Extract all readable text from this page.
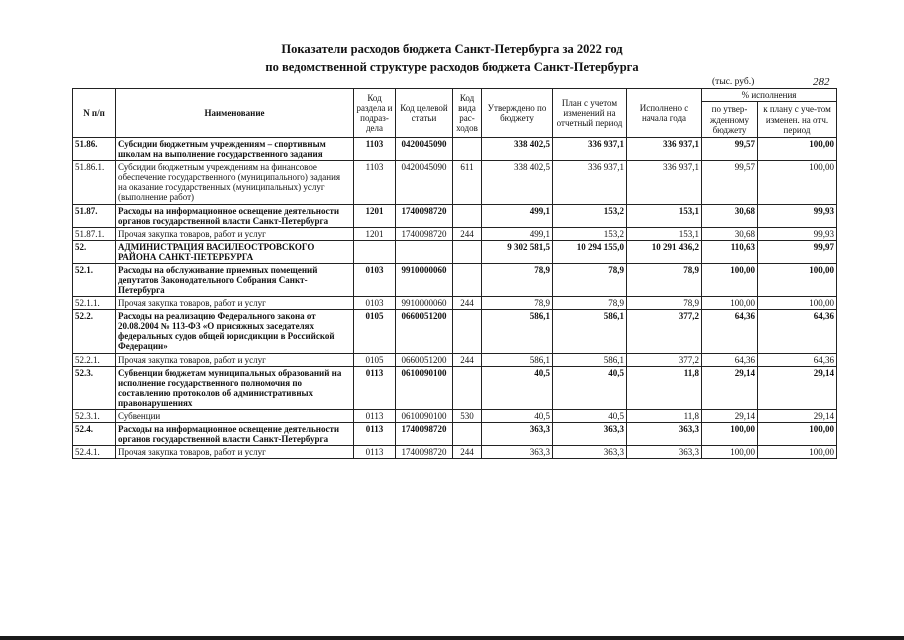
Показатели расходов бюджета Санкт-Петербурга за 2022 год
по ведомственной структуре расходов бюджета Санкт-Петербурга
(тыс. руб.)	282
N п/п	Наименование	Код раздела и подраз-дела	Код целевой статьи	Код вида рас-ходов	Утверждено по бюджету	План с учетом изменений на отчетный период	Исполнено с начала года	% исполнения	
								по утвер-жденному бюджету	к плану с уче-том изменен. на отч. период
51.86.	Субсидии бюджетным учреждениям – спортивным школам на выполнение государственного задания	1103	0420045090		338 402,5	336 937,1	336 937,1	99,57	100,00
51.86.1.	Субсидии бюджетным учреждениям на финансовое обеспечение государственного (муниципального) задания на оказание государственных (муниципальных) услуг (выполнение работ)	1103	0420045090	611	338 402,5	336 937,1	336 937,1	99,57	100,00
51.87.	Расходы на информационное освещение деятельности органов государственной власти Санкт-Петербурга	1201	1740098720		499,1	153,2	153,1	30,68	99,93
51.87.1.	Прочая закупка товаров, работ и услуг	1201	1740098720	244	499,1	153,2	153,1	30,68	99,93
52.	АДМИНИСТРАЦИЯ ВАСИЛЕОСТРОВСКОГО РАЙОНА САНКТ-ПЕТЕРБУРГА				9 302 581,5	10 294 155,0	10 291 436,2	110,63	99,97
52.1.	Расходы на обслуживание приемных помещений депутатов Законодательного Собрания Санкт-Петербурга	0103	9910000060		78,9	78,9	78,9	100,00	100,00
52.1.1.	Прочая закупка товаров, работ и услуг	0103	9910000060	244	78,9	78,9	78,9	100,00	100,00
52.2.	Расходы на реализацию Федерального закона от 20.08.2004 № 113-ФЗ «О присяжных заседателях федеральных судов общей юрисдикции в Российской Федерации»	0105	0660051200		586,1	586,1	377,2	64,36	64,36
52.2.1.	Прочая закупка товаров, работ и услуг	0105	0660051200	244	586,1	586,1	377,2	64,36	64,36
52.3.	Субвенции бюджетам муниципальных образований на исполнение государственного полномочия по составлению протоколов об административных правонарушениях	0113	0610090100		40,5	40,5	11,8	29,14	29,14
52.3.1.	Субвенции	0113	0610090100	530	40,5	40,5	11,8	29,14	29,14
52.4.	Расходы на информационное освещение деятельности органов государственной власти Санкт-Петербурга	0113	1740098720		363,3	363,3	363,3	100,00	100,00
52.4.1.	Прочая закупка товаров, работ и услуг	0113	1740098720	244	363,3	363,3	363,3	100,00	100,00
